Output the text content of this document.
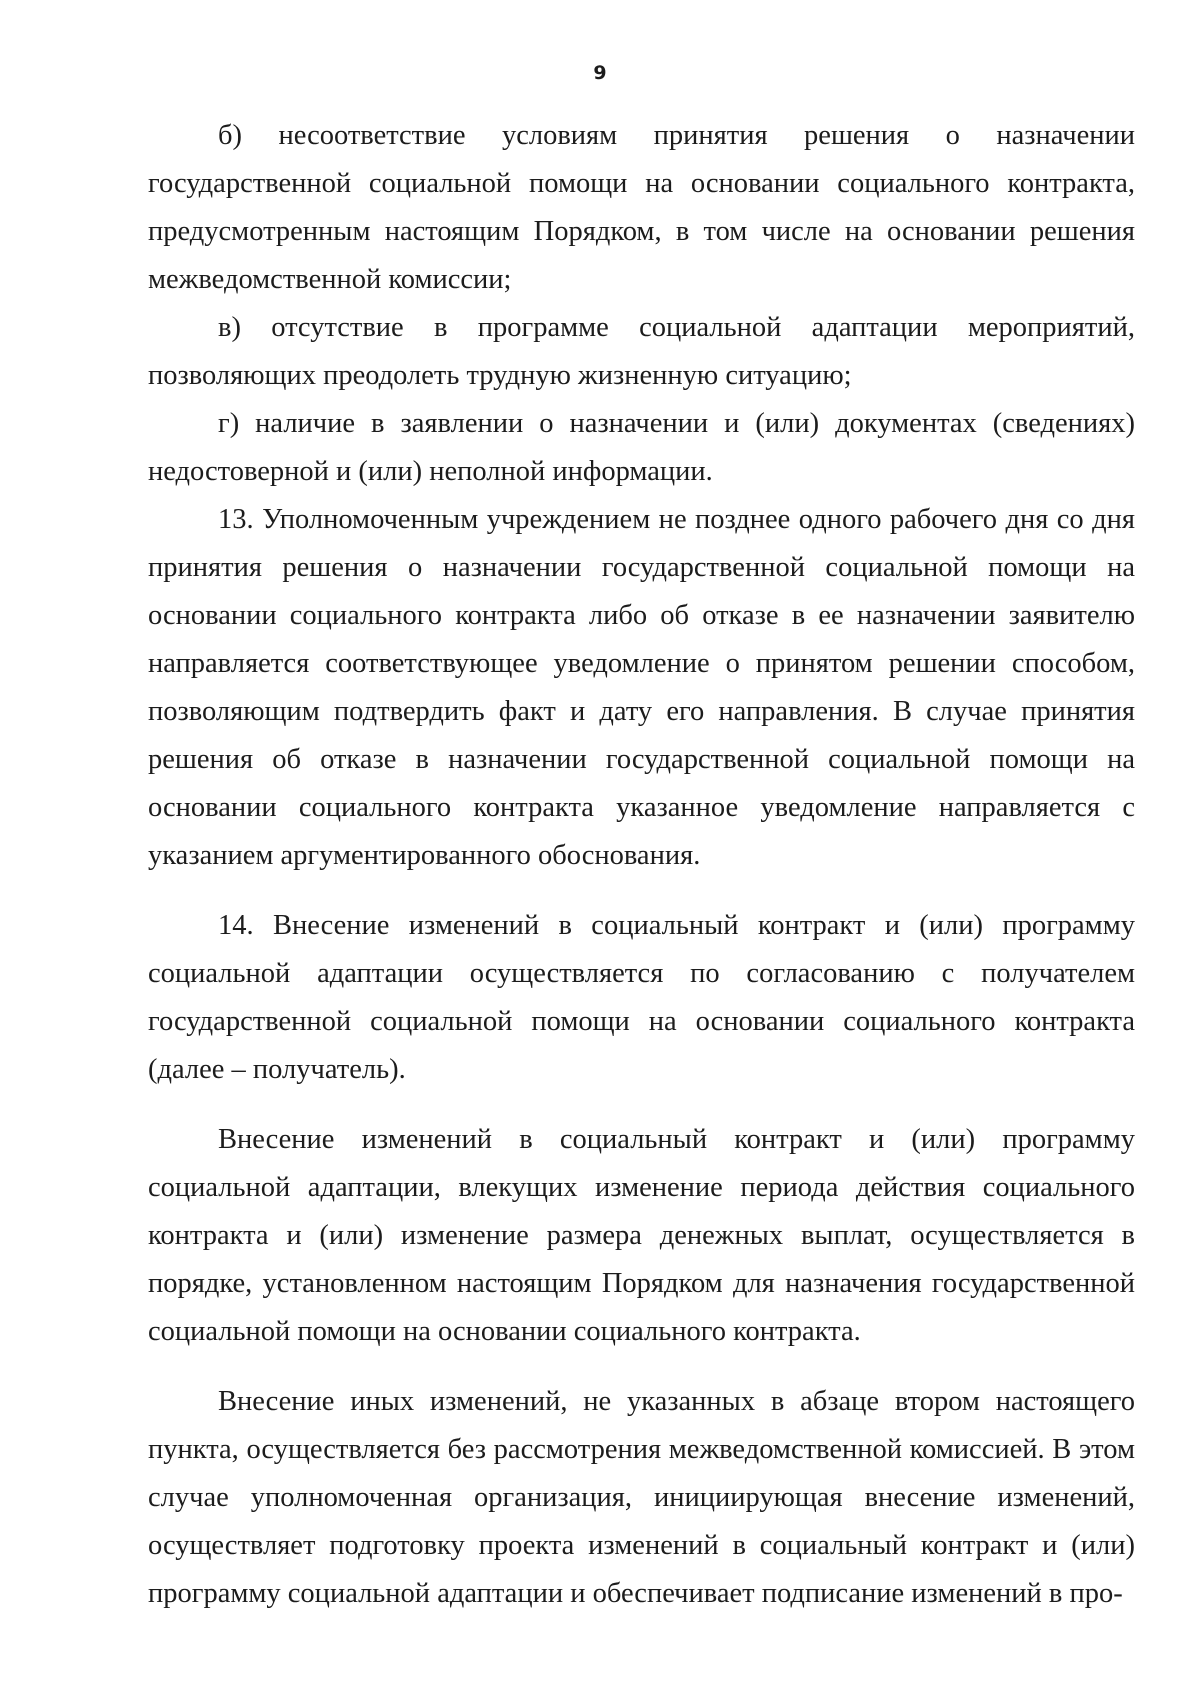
9

б) несоответствие условиям принятия решения о назначении государственной социальной помощи на основании социального контракта, предусмотренным настоящим Порядком, в том числе на основании решения межведомственной комиссии;

в) отсутствие в программе социальной адаптации мероприятий, позволяющих преодолеть трудную жизненную ситуацию;

г) наличие в заявлении о назначении и (или) документах (сведениях) недостоверной и (или) неполной информации.

13. Уполномоченным учреждением не позднее одного рабочего дня со дня принятия решения о назначении государственной социальной помощи на основании социального контракта либо об отказе в ее назначении заявителю направляется соответствующее уведомление о принятом решении способом, позволяющим подтвердить факт и дату его направления. В случае принятия решения об отказе в назначении государственной социальной помощи на основании социального контракта указанное уведомление направляется с указанием аргументированного обоснования.

14. Внесение изменений в социальный контракт и (или) программу социальной адаптации осуществляется по согласованию с получателем государственной социальной помощи на основании социального контракта (далее – получатель).

Внесение изменений в социальный контракт и (или) программу социальной адаптации, влекущих изменение периода действия социального контракта и (или) изменение размера денежных выплат, осуществляется в порядке, установленном настоящим Порядком для назначения государственной социальной помощи на основании социального контракта.

Внесение иных изменений, не указанных в абзаце втором настоящего пункта, осуществляется без рассмотрения межведомственной комиссией. В этом случае уполномоченная организация, инициирующая внесение изменений, осуществляет подготовку проекта изменений в социальный контракт и (или) программу социальной адаптации и обеспечивает подписание изменений в про-
